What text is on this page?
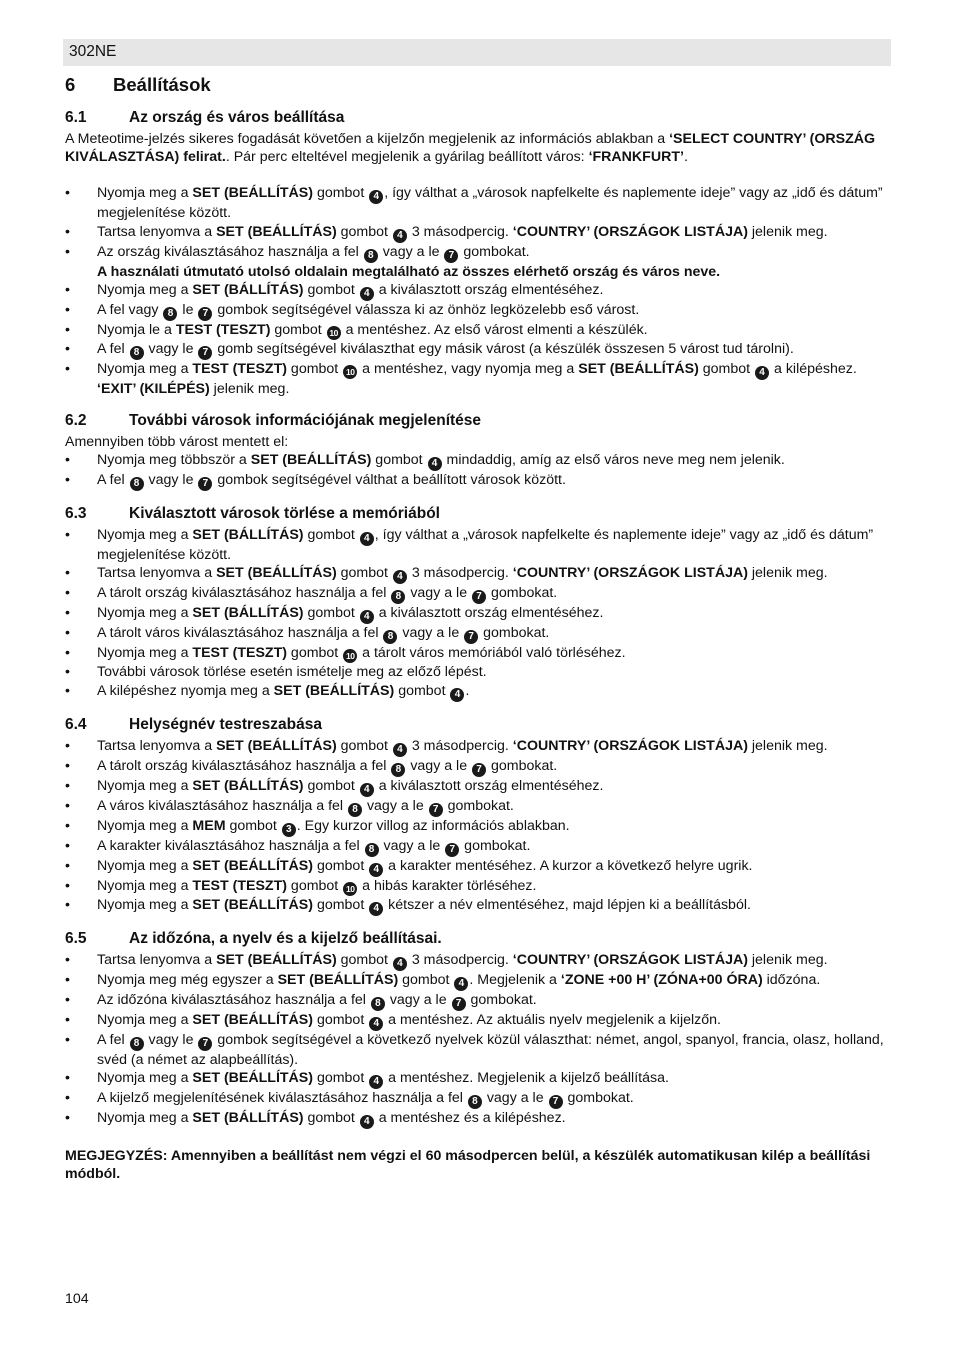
302NE
6 Beállítások
6.1	Az ország és város beállítása

A Meteotime-jelzés sikeres fogadását követően a kijelzőn megjelenik az információs ablakban a ‘SELECT COUNTRY’ (ORSZÁG KIVÁLASZTÁSA) felirat.. Pár perc elteltével megjelenik a gyárilag beállított város: ‘FRANKFURT’.

• Nyomja meg a SET (BEÁLLÍTÁS) gombot 4 , így válthat a „városok napfelkelte és naplemente ideje” vagy az „idő és dátum” megjelenítése között.
• Tartsa lenyomva a SET (BEÁLLÍTÁS) gombot 4 3 másodpercig. ‘COUNTRY’ (ORSZÁGOK LISTÁJA) jelenik meg.
• Az ország kiválasztásához használja a fel 8 vagy a le 7 gombokat.
A használati útmutató utolsó oldalain megtalálható az összes elérhető ország és város neve.
• Nyomja meg a SET (BÁLLÍTÁS) gombot 4 a kiválasztott ország elmentéséhez.
• A fel vagy 8 le 7 gombok segítségével válassza ki az önhöz legközelebb eső várost.
• Nyomja le a TEST (TESZT) gombot 10 a mentéshez. Az első várost elmenti a készülék.
• A fel 8 vagy le 7 gomb segítségével kiválaszthat egy másik várost (a készülék összesen 5 várost tud tárolni).
• Nyomja meg a TEST (TESZT) gombot 10 a mentéshez, vagy nyomja meg a SET (BEÁLLÍTÁS) gombot 4 a kilépéshez. ‘EXIT’ (KILÉPÉS) jelenik meg.
6.2	További városok információjának megjelenítése

Amennyiben több várost mentett el:

• Nyomja meg többször a SET (BEÁLLÍTÁS) gombot 4 mindaddig, amíg az első város neve meg nem jelenik.
• A fel 8 vagy le 7 gombok segítségével válthat a beállított városok között.
6.3	Kiválasztott városok törlése a memóriából
• Nyomja meg a SET (BÁLLÍTÁS) gombot 4 , így válthat a „városok napfelkelte és naplemente ideje” vagy az „idő és dátum” megjelenítése között.
• Tartsa lenyomva a SET (BEÁLLÍTÁS) gombot 4 3 másodpercig. ‘COUNTRY’ (ORSZÁGOK LISTÁJA) jelenik meg.
• A tárolt ország kiválasztásához használja a fel 8 vagy a le 7 gombokat.
• Nyomja meg a SET (BÁLLÍTÁS) gombot 4 a kiválasztott ország elmentéséhez.
• A tárolt város kiválasztásához használja a fel 8 vagy a le 7 gombokat.
• Nyomja meg a TEST (TESZT) gombot 10 a tárolt város memóriából való törléséhez.
• További városok törlése esetén ismételje meg az előző lépést.
• A kilépéshez nyomja meg a SET (BEÁLLÍTÁS) gombot 4 .
6.4	Helységnév testreszabása
• Tartsa lenyomva a SET (BEÁLLÍTÁS) gombot 4 3 másodpercig. ‘COUNTRY’ (ORSZÁGOK LISTÁJA) jelenik meg.
• A tárolt ország kiválasztásához használja a fel 8 vagy a le 7 gombokat.
• Nyomja meg a SET (BÁLLÍTÁS) gombot 4 a kiválasztott ország elmentéséhez.
• A város kiválasztásához használja a fel 8 vagy a le 7 gombokat.
• Nyomja meg a MEM gombot 3 . Egy kurzor villog az információs ablakban.
• A karakter kiválasztásához használja a fel 8 vagy a le 7 gombokat.
• Nyomja meg a SET (BEÁLLÍTÁS) gombot 4 a karakter mentéséhez. A kurzor a következő helyre ugrik.
• Nyomja meg a TEST (TESZT) gombot 10 a hibás karakter törléséhez.
• Nyomja meg a SET (BEÁLLÍTÁS) gombot 4 kétszer a név elmentéséhez, majd lépjen ki a beállításból.
6.5	Az időzóna, a nyelv és a kijelző beállításai.
• Tartsa lenyomva a SET (BEÁLLÍTÁS) gombot 4 3 másodpercig. ‘COUNTRY’ (ORSZÁGOK LISTÁJA) jelenik meg.
• Nyomja meg még egyszer a SET (BEÁLLÍTÁS) gombot 4 . Megjelenik a ‘ZONE +00 H’ (ZÓNA+00 ÓRA) időzóna.
• Az időzóna kiválasztásához használja a fel 8 vagy a le 7 gombokat.
• Nyomja meg a SET (BEÁLLÍTÁS) gombot 4 a mentéshez. Az aktuális nyelv megjelenik a kijelzőn.
• A fel 8 vagy le 7 gombok segítségével a következő nyelvek közül választhat: német, angol, spanyol, francia, olasz, holland, svéd (a német az alapbeállítás).
• Nyomja meg a SET (BEÁLLÍTÁS) gombot 4 a mentéshez. Megjelenik a kijelző beállítása.
• A kijelző megjelenítésének kiválasztásához használja a fel 8 vagy a le 7 gombokat.
• Nyomja meg a SET (BÁLLÍTÁS) gombot 4 a mentéshez és a kilépéshez.

MEGJEGYZÉS: Amennyiben a beállítást nem végzi el 60 másodpercen belül, a készülék automatikusan kilép a beállítási módból.

104
